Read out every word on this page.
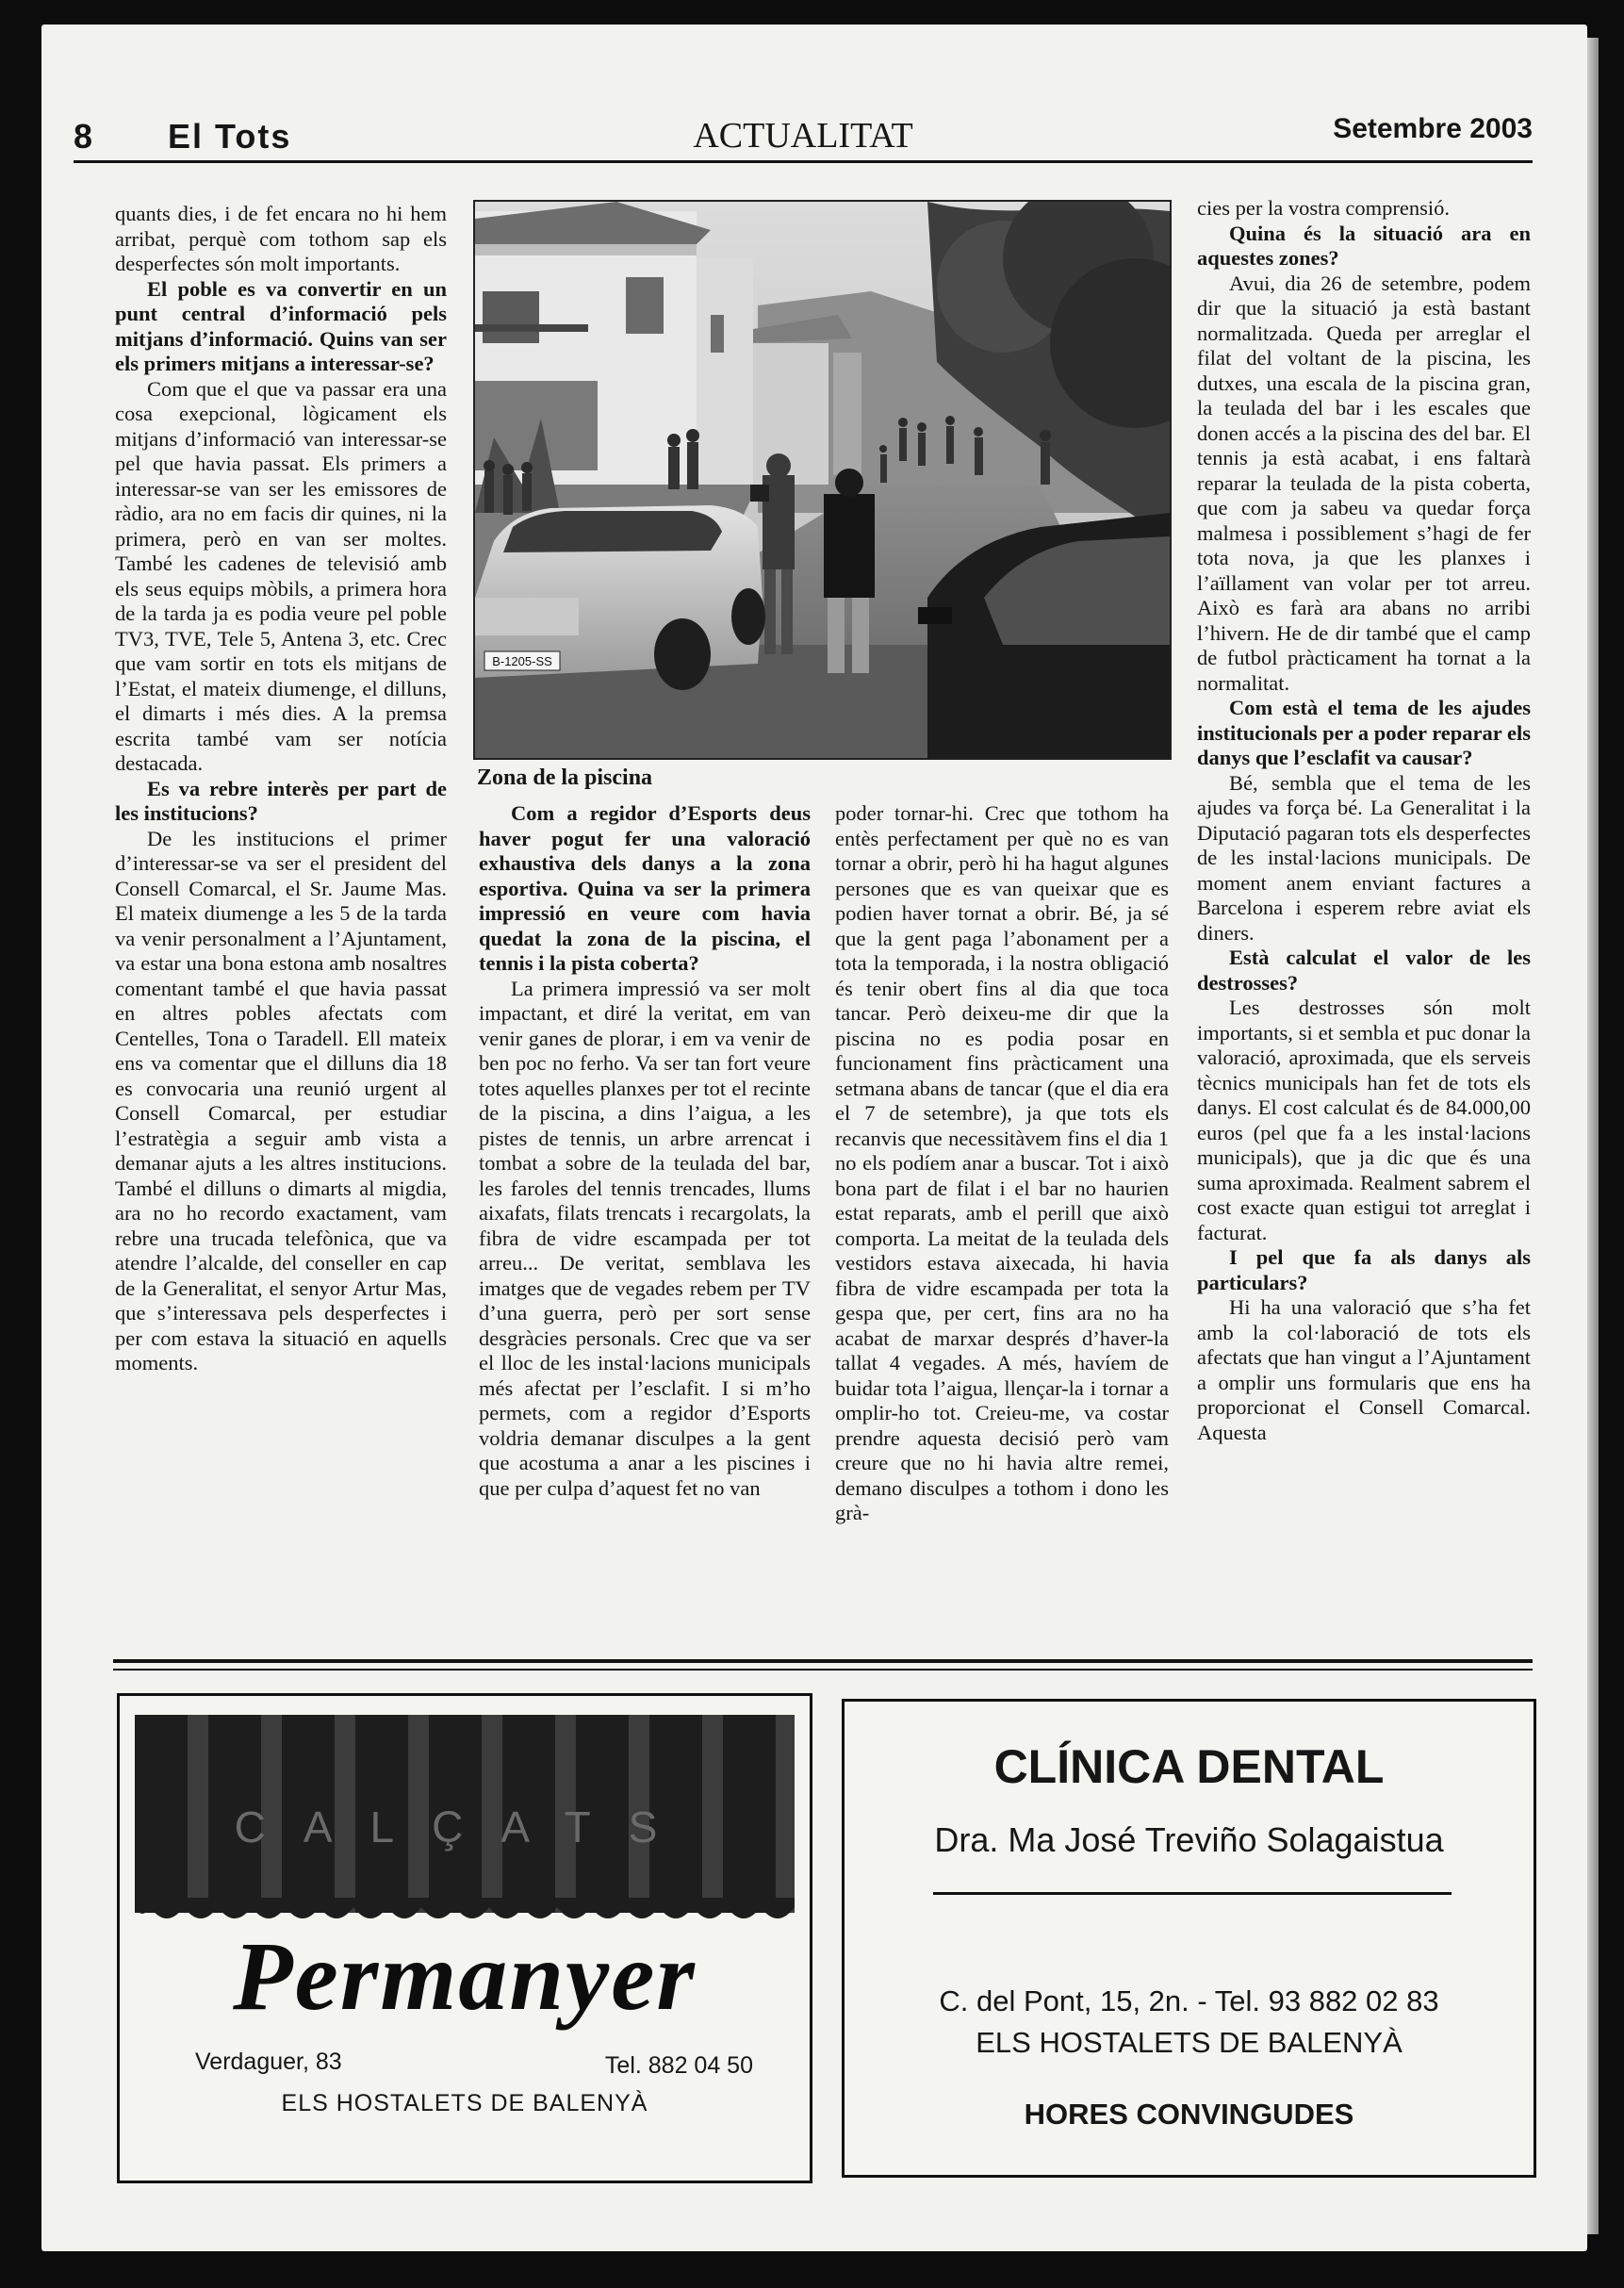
8 El Tots	ACTUALITAT	Setembre 2003

quants dies, i de fet encara no hi hem arribat, perquè com tothom sap els desperfectes són molt importants.

El poble es va convertir en un punt central d’informació pels mitjans d’informació. Quins van ser els primers mitjans a interessar-se?

Com que el que va passar era una cosa exepcional, lògicament els mitjans d’informació van interessar-se pel que havia passat. Els primers a interessar-se van ser les emissores de ràdio, ara no em facis dir quines, ni la primera, però en van ser moltes. També les cadenes de televisió amb els seus equips mòbils, a primera hora de la tarda ja es podia veure pel poble TV3, TVE, Tele 5, Antena 3, etc. Crec que vam sortir en tots els mitjans de l’Estat, el mateix diumenge, el dilluns, el dimarts i més dies. A la premsa escrita també vam ser notícia destacada.

Es va rebre interès per part de les institucions?

De les institucions el primer d’interessar-se va ser el president del Consell Comarcal, el Sr. Jaume Mas. El mateix diumenge a les 5 de la tarda va venir personalment a l’Ajuntament, va estar una bona estona amb nosaltres comentant també el que havia passat en altres pobles afectats com Centelles, Tona o Taradell. Ell mateix ens va comentar que el dilluns dia 18 es convocaria una reunió urgent al Consell Comarcal, per estudiar l’estratègia a seguir amb vista a demanar ajuts a les altres institucions. També el dilluns o dimarts al migdia, ara no ho recordo exactament, vam rebre una trucada telefònica, que va atendre l’alcalde, del conseller en cap de la Generalitat, el senyor Artur Mas, que s’interessava pels desperfectes i per com estava la situació en aquells moments.

B-1205-SS
Zona de la piscina

Com a regidor d’Esports deus haver pogut fer una valoració exhaustiva dels danys a la zona esportiva. Quina va ser la primera impressió en veure com havia quedat la zona de la piscina, el tennis i la pista coberta?

La primera impressió va ser molt impactant, et diré la veritat, em van venir ganes de plorar, i em va venir de ben poc no ferho. Va ser tan fort veure totes aquelles planxes per tot el recinte de la piscina, a dins l’aigua, a les pistes de tennis, un arbre arrencat i tombat a sobre de la teulada del bar, les faroles del tennis trencades, llums aixafats, filats trencats i recargolats, la fibra de vidre escampada per tot arreu... De veritat, semblava les imatges que de vegades rebem per TV d’una guerra, però per sort sense desgràcies personals. Crec que va ser el lloc de les instal·lacions municipals més afectat per l’esclafit. I si m’ho permets, com a regidor d’Esports voldria demanar disculpes a la gent que acostuma a anar a les piscines i que per culpa d’aquest fet no van

poder tornar-hi. Crec que tothom ha entès perfectament per què no es van tornar a obrir, però hi ha hagut algunes persones que es van queixar que es podien haver tornat a obrir. Bé, ja sé que la gent paga l’abonament per a tota la temporada, i la nostra obligació és tenir obert fins al dia que toca tancar. Però deixeu-me dir que la piscina no es podia posar en funcionament fins pràcticament una setmana abans de tancar (que el dia era el 7 de setembre), ja que tots els recanvis que necessitàvem fins el dia 1 no els podíem anar a buscar. Tot i això bona part de filat i el bar no haurien estat reparats, amb el perill que això comporta. La meitat de la teulada dels vestidors estava aixecada, hi havia fibra de vidre escampada per tota la gespa que, per cert, fins ara no ha acabat de marxar després d’haver-la tallat 4 vegades. A més, havíem de buidar tota l’aigua, llençar-la i tornar a omplir-ho tot. Creieu-me, va costar prendre aquesta decisió però vam creure que no hi havia altre remei, demano disculpes a tothom i dono les grà-

cies per la vostra comprensió.

Quina és la situació ara en aquestes zones?

Avui, dia 26 de setembre, podem dir que la situació ja està bastant normalitzada. Queda per arreglar el filat del voltant de la piscina, les dutxes, una escala de la piscina gran, la teulada del bar i les escales que donen accés a la piscina des del bar. El tennis ja està acabat, i ens faltarà reparar la teulada de la pista coberta, que com ja sabeu va quedar força malmesa i possiblement s’hagi de fer tota nova, ja que les planxes i l’aïllament van volar per tot arreu. Això es farà ara abans no arribi l’hivern. He de dir també que el camp de futbol pràcticament ha tornat a la normalitat.

Com està el tema de les ajudes institucionals per a poder reparar els danys que l’esclafit va causar?

Bé, sembla que el tema de les ajudes va força bé. La Generalitat i la Diputació pagaran tots els desperfectes de les instal·lacions municipals. De moment anem enviant factures a Barcelona i esperem rebre aviat els diners.

Està calculat el valor de les destrosses?

Les destrosses són molt importants, si et sembla et puc donar la valoració, aproximada, que els serveis tècnics municipals han fet de tots els danys. El cost calculat és de 84.000,00 euros (pel que fa a les instal·lacions municipals), que ja dic que és una suma aproximada. Realment sabrem el cost exacte quan estigui tot arreglat i facturat.

I pel que fa als danys als particulars?

Hi ha una valoració que s’ha fet amb la col·laboració de tots els afectats que han vingut a l’Ajuntament a omplir uns formularis que ens ha proporcionat el Consell Comarcal. Aquesta

CALÇATS
Permanyer
Verdaguer, 83	Tel. 882 04 50
ELS HOSTALETS DE BALENYÀ
CLÍNICA DENTAL
Dra. Ma José Treviño Solagaistua
C. del Pont, 15, 2n. - Tel. 93 882 02 83
ELS HOSTALETS DE BALENYÀ
HORES CONVINGUDES
